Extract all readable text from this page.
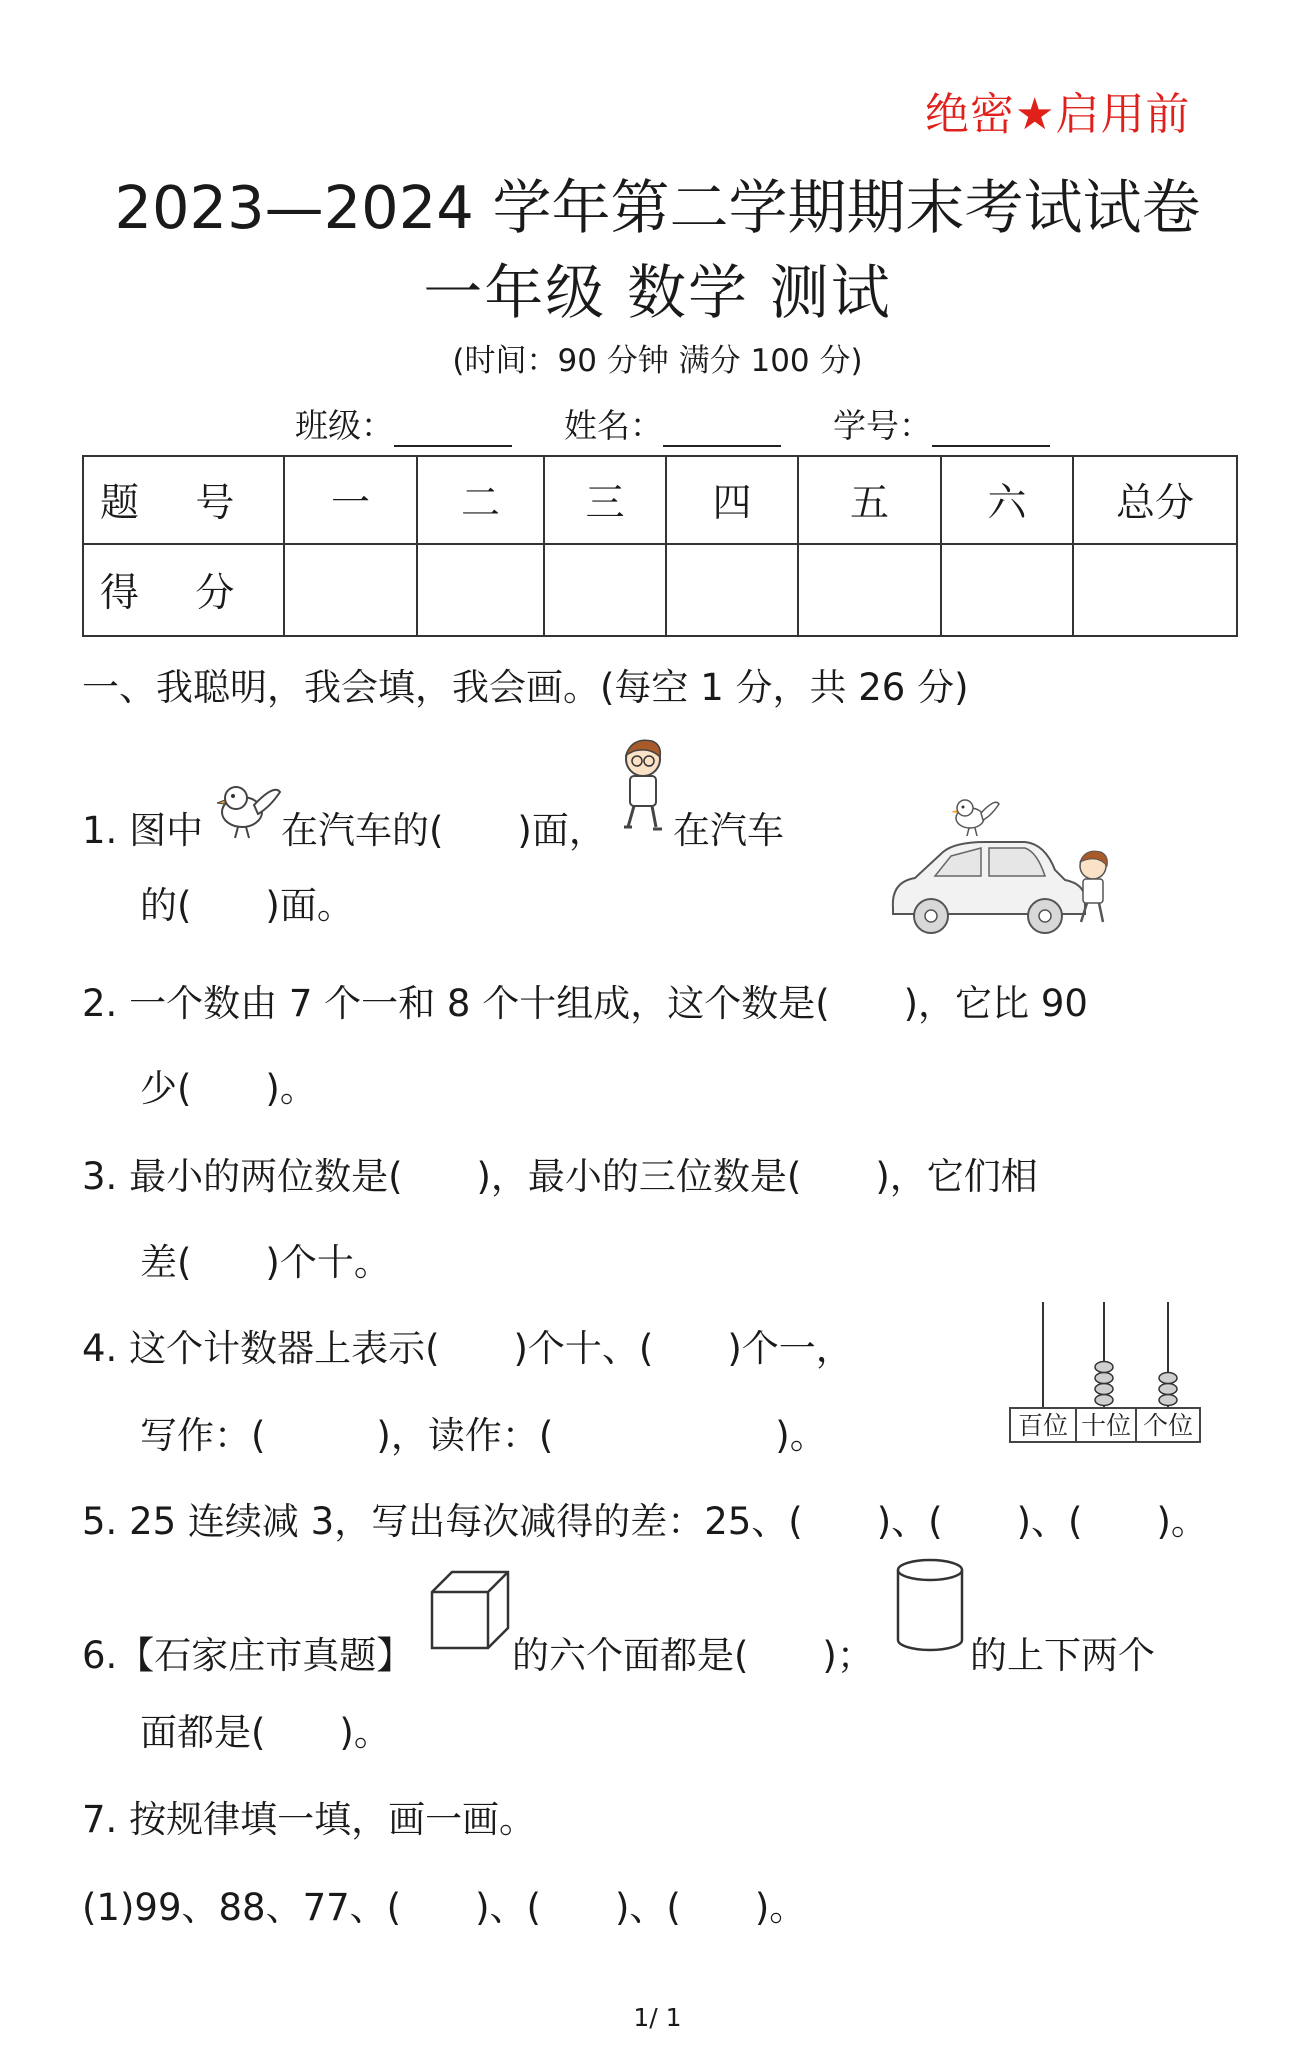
绝密★启用前
2023—2024 学年第二学期期末考试试卷
一年级 数学 测试
(时间：90 分钟 满分 100 分)
班级：	姓名：	学号：
题 号	一	二	三	四	五	六	总分
得 分							
一、我聪明，我会填，我会画。(每空 1 分，共 26 分)
1. 图中 在汽车的(　　)面， 在汽车
的(　　)面。
2. 一个数由 7 个一和 8 个十组成，这个数是(　　)，它比 90
少(　　)。
3. 最小的两位数是(　　)，最小的三位数是(　　)，它们相
差(　　)个十。
4. 这个计数器上表示(　　)个十、(　　)个一，
写作：(　　　)，读作：(　　　　　　)。	百位 十位 个位
5. 25 连续减 3，写出每次减得的差：25、(　　)、(　　)、(　　)。
6.【石家庄市真题】	的六个面都是(　　)；	的上下两个
面都是(　　)。
7. 按规律填一填，画一画。
(1)99、88、77、(　　)、(　　)、(　　)。
1/ 1
